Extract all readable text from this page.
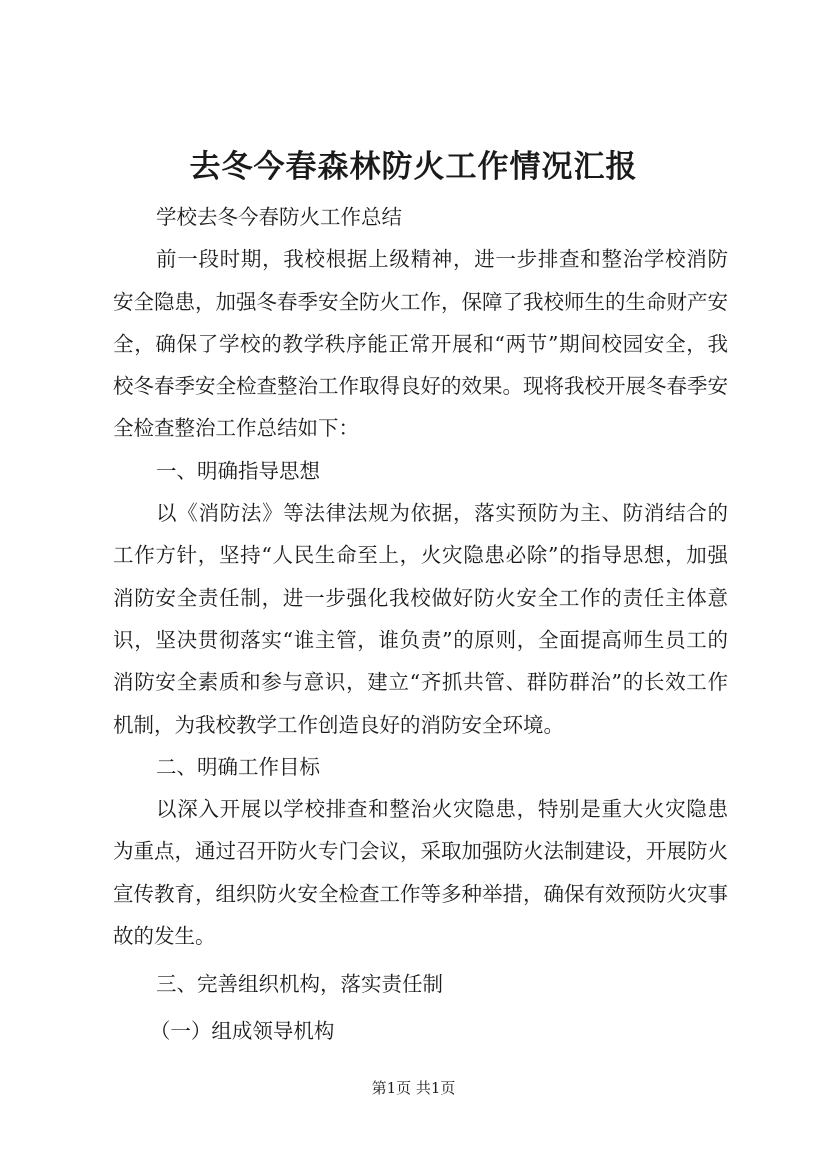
去冬今春森林防火工作情况汇报

学校去冬今春防火工作总结

前一段时期，我校根据上级精神，进一步排查和整治学校消防安全隐患，加强冬春季安全防火工作，保障了我校师生的生命财产安全，确保了学校的教学秩序能正常开展和“两节”期间校园安全，我校冬春季安全检查整治工作取得良好的效果。现将我校开展冬春季安全检查整治工作总结如下：

一、明确指导思想

以《消防法》等法律法规为依据，落实预防为主、防消结合的工作方针，坚持“人民生命至上，火灾隐患必除”的指导思想，加强消防安全责任制，进一步强化我校做好防火安全工作的责任主体意识，坚决贯彻落实“谁主管，谁负责”的原则，全面提高师生员工的消防安全素质和参与意识，建立“齐抓共管、群防群治”的长效工作机制，为我校教学工作创造良好的消防安全环境。

二、明确工作目标

以深入开展以学校排查和整治火灾隐患，特别是重大火灾隐患为重点，通过召开防火专门会议，采取加强防火法制建设，开展防火宣传教育，组织防火安全检查工作等多种举措，确保有效预防火灾事故的发生。

三、完善组织机构，落实责任制

（一）组成领导机构

第1页 共1页
